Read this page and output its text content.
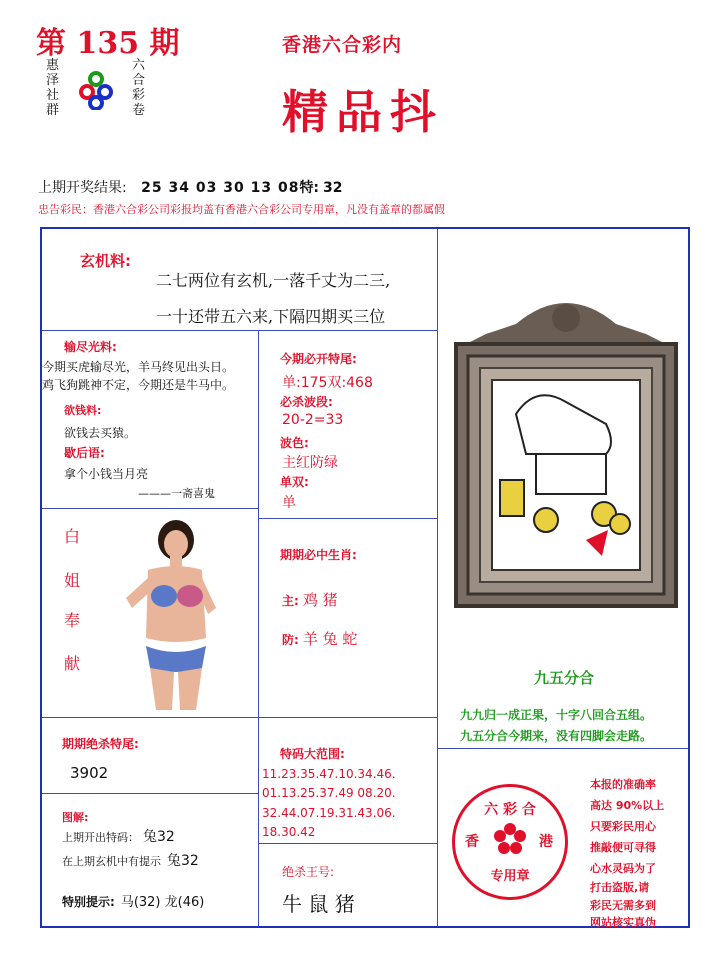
第 135 期
惠泽社群
六合彩卷
香港六合彩内
精品抖
上期开奖结果: 25 34 03 30 13 08特: 32
忠告彩民：香港六合彩公司彩报均盖有香港六合彩公司专用章，凡没有盖章的都属假
玄机料:
二七两位有玄机,一落千丈为二三,
一十还带五六来,下隔四期买三位
输尽光料:
今期买虎输尽光，羊马终见出头日。
鸡飞狗跳神不定，今期还是牛马中。
欲钱料:
欲钱去买猿。
歇后语:
拿个小钱当月亮
———一斋喜鬼
今期必开特尾:
单:175双:468
必杀波段:
20-2=33
波色:
主红防绿
单双:
单
白
姐
奉
献
期期必中生肖:
主: 鸡 猪
防: 羊 兔 蛇
九五分合
九九归一成正果，十字八回合五组。
九五分合今期来，没有四脚会走路。
期期绝杀特尾:
3902
特码大范围:
11.23.35.47.10.34.46.
01.13.25.37.49 08.20.
32.44.07.19.31.43.06.
18.30.42
图解:
上期开出特码： 兔32
在上期玄机中有提示 兔32
特别提示: 马(32) 龙(46)
绝杀王号:
牛 鼠 猪
六 彩 合
香	港
专用章
本报的准确率
高达 90%以上
只要彩民用心
推敲便可寻得
心水灵码为了
打击盗版,请
彩民无需多到
网站核实真伪
